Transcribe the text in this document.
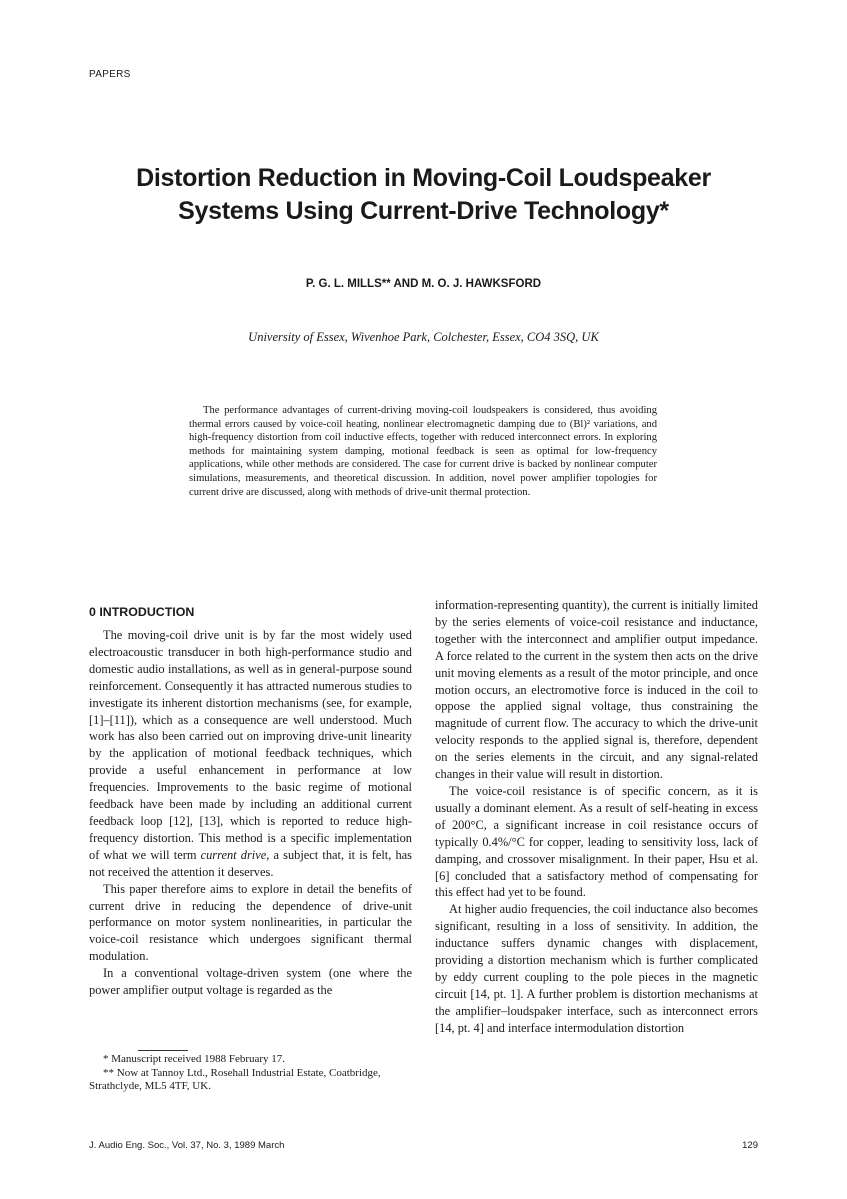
PAPERS
Distortion Reduction in Moving-Coil Loudspeaker
Systems Using Current-Drive Technology*
P. G. L. MILLS** AND M. O. J. HAWKSFORD
University of Essex, Wivenhoe Park, Colchester, Essex, CO4 3SQ, UK

The performance advantages of current-driving moving-coil loudspeakers is considered, thus avoiding thermal errors caused by voice-coil heating, nonlinear electromagnetic damping due to (Bl)² variations, and high-frequency distortion from coil inductive effects, together with reduced interconnect errors. In exploring methods for maintaining system damping, motional feedback is seen as optimal for low-frequency applications, while other methods are considered. The case for current drive is backed by nonlinear computer simulations, measurements, and theoretical discussion. In addition, novel power amplifier topologies for current drive are discussed, along with methods of drive-unit thermal protection.

0 INTRODUCTION

The moving-coil drive unit is by far the most widely used electroacoustic transducer in both high-performance studio and domestic audio installations, as well as in general-purpose sound reinforcement. Consequently it has attracted numerous studies to investigate its inherent distortion mechanisms (see, for example, [1]–[11]), which as a consequence are well understood. Much work has also been carried out on improving drive-unit linearity by the application of motional feedback techniques, which provide a useful enhancement in performance at low frequencies. Improvements to the basic regime of motional feedback have been made by including an additional current feedback loop [12], [13], which is reported to reduce high-frequency distortion. This method is a specific implementation of what we will term current drive, a subject that, it is felt, has not received the attention it deserves.

This paper therefore aims to explore in detail the benefits of current drive in reducing the dependence of drive-unit performance on motor system nonlinearities, in particular the voice-coil resistance which undergoes significant thermal modulation.

In a conventional voltage-driven system (one where the power amplifier output voltage is regarded as the

* Manuscript received 1988 February 17.

** Now at Tannoy Ltd., Rosehall Industrial Estate, Coatbridge, Strathclyde, ML5 4TF, UK.

information-representing quantity), the current is initially limited by the series elements of voice-coil resistance and inductance, together with the interconnect and amplifier output impedance. A force related to the current in the system then acts on the drive unit moving elements as a result of the motor principle, and once motion occurs, an electromotive force is induced in the coil to oppose the applied signal voltage, thus constraining the magnitude of current flow. The accuracy to which the drive-unit velocity responds to the applied signal is, therefore, dependent on the series elements in the circuit, and any signal-related changes in their value will result in distortion.

The voice-coil resistance is of specific concern, as it is usually a dominant element. As a result of self-heating in excess of 200°C, a significant increase in coil resistance occurs of typically 0.4%/°C for copper, leading to sensitivity loss, lack of damping, and crossover misalignment. In their paper, Hsu et al. [6] concluded that a satisfactory method of compensating for this effect had yet to be found.

At higher audio frequencies, the coil inductance also becomes significant, resulting in a loss of sensitivity. In addition, the inductance suffers dynamic changes with displacement, providing a distortion mechanism which is further complicated by eddy current coupling to the pole pieces in the magnetic circuit [14, pt. 1]. A further problem is distortion mechanisms at the amplifier–loudspaker interface, such as interconnect errors [14, pt. 4] and interface intermodulation distortion

J. Audio Eng. Soc., Vol. 37, No. 3, 1989 March	129
